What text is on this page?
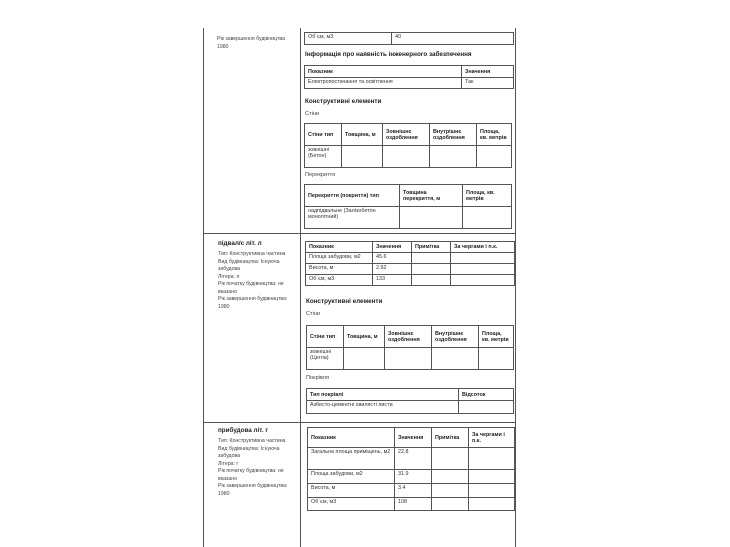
Рік завершення будівництва
1980
підвал/с літ. л
Тип: Конструктивна частина
Вид будівництва: Існуюча
забудова
Літера: л
Рік початку будівництва: не
вказано
Рік завершення будівництва:
1980
прибудова літ. г
Тип: Конструктивна частина
Вид будівництва: Існуюча
забудова
Літера: г
Рік початку будівництва: не
вказано
Рік завершення будівництва:
1980
Об`єм, м3	40
Інформація про наявність інженерного забезпечення
Показник	Значення
Електропостачання та освітлення	Так
Конструктивні елементи
Стіни
Стіни тип	Товщина, м	Зовнішнє оздоблення	Внутрішнє оздоблення	Площа, кв. метрів
зовнішні (Бетон)				
Перекриття
Перекриття (покриття) тип	Товщина перекриття, м	Площа, кв. метрів
надпідвальне (Залізобетон монолітний)		
Показник	Значення	Примітка	За чергами і п.к.
Площа забудови, м2	45.6		
Висота, м	2.92		
Об`єм, м3	133		
Конструктивні елементи
Стіни
Стіни тип	Товщина, м	Зовнішнє оздоблення	Внутрішнє оздоблення	Площа, кв. метрів
зовнішні (Цегла)				
Покрівля
Тип покрівлі	Відсоток
Азбесто-цементні хвилясті листи	
Показник	Значення	Примітка	За чергами і п.к.
Загальна площа приміщень, м2	22.8		
Площа забудови, м2	31.9		
Висота, м	3.4		
Об`єм, м3	108		
